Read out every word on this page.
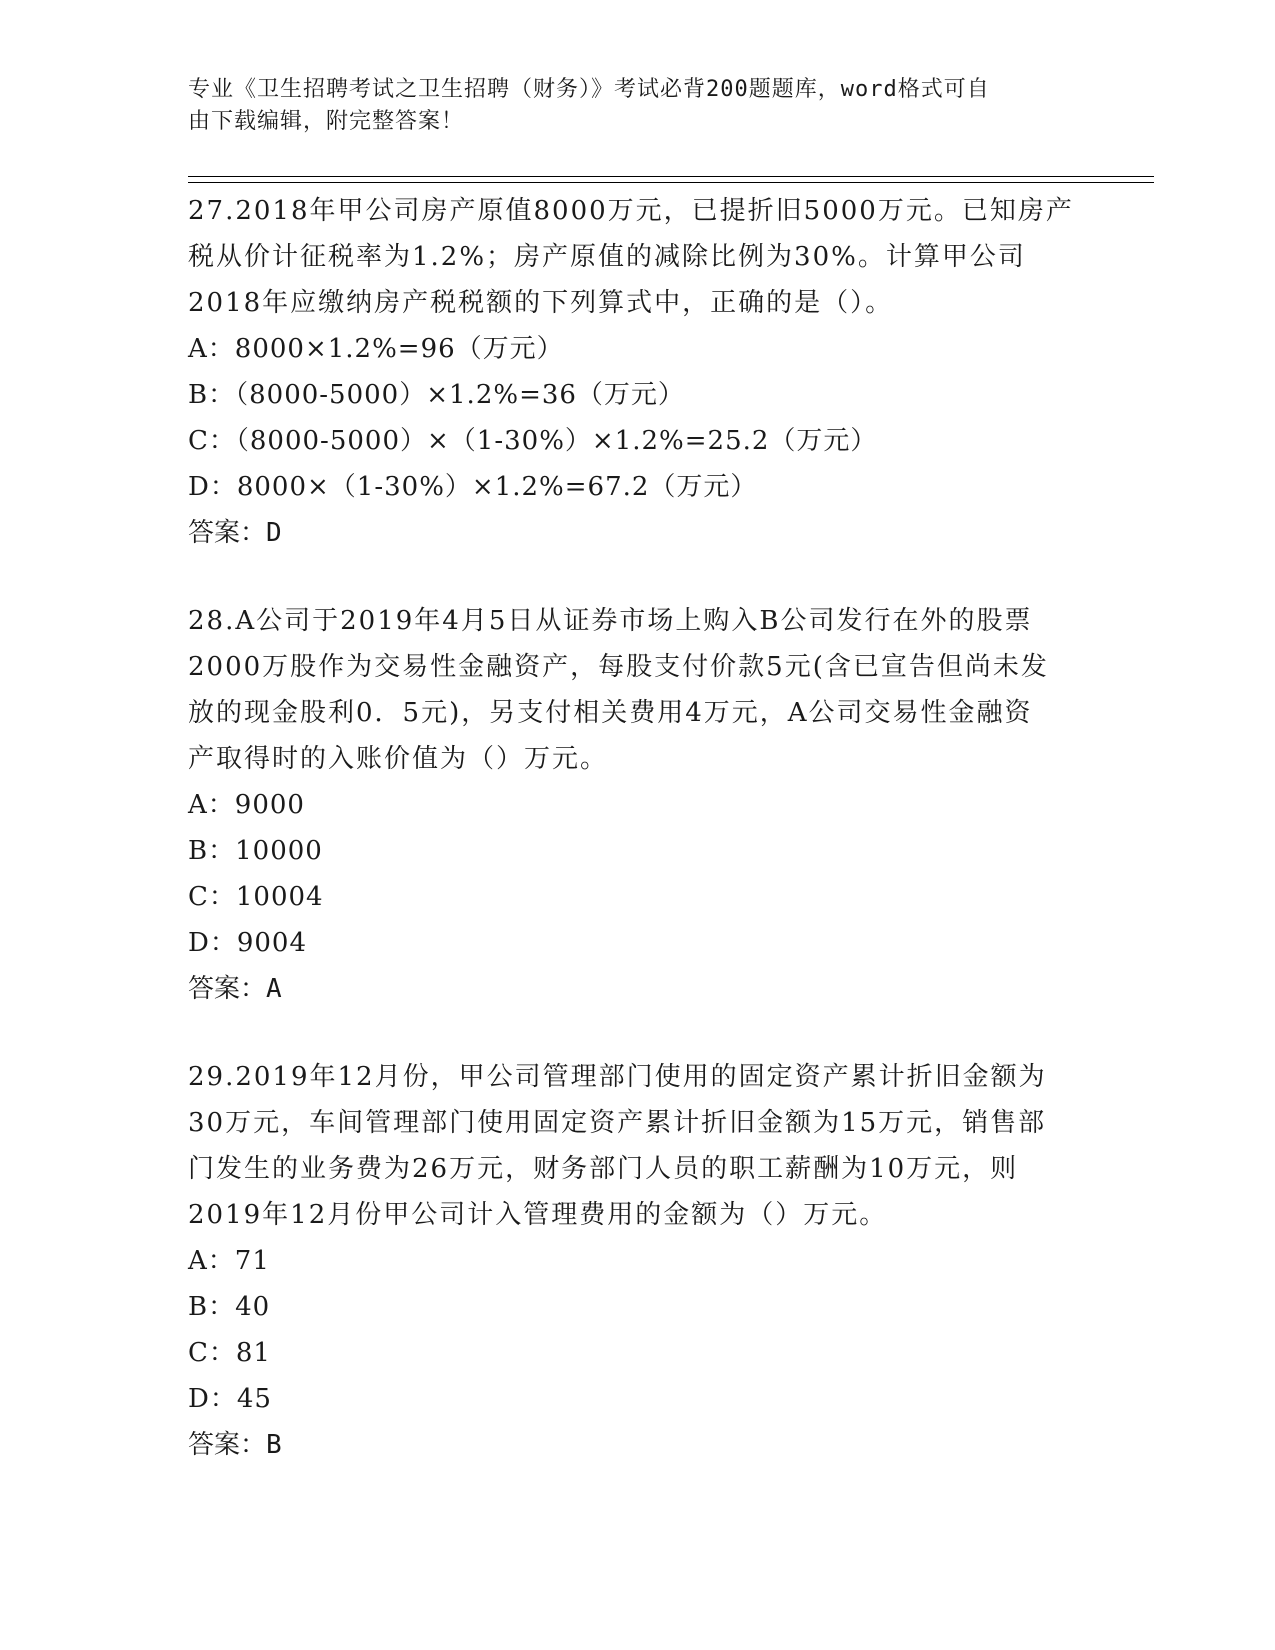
专业《卫生招聘考试之卫生招聘（财务）》考试必背200题题库，word格式可自
由下载编辑，附完整答案！
27.2018年甲公司房产原值8000万元，已提折旧5000万元。已知房产
税从价计征税率为1.2%；房产原值的减除比例为30%。计算甲公司
2018年应缴纳房产税税额的下列算式中，正确的是（）。
A：8000×1.2%=96（万元）
B：（8000-5000）×1.2%=36（万元）
C：（8000-5000）×（1-30%）×1.2%=25.2（万元）
D：8000×（1-30%）×1.2%=67.2（万元）
答案：D
28.A公司于2019年4月5日从证券市场上购入B公司发行在外的股票
2000万股作为交易性金融资产，每股支付价款5元(含已宣告但尚未发
放的现金股利0．5元)，另支付相关费用4万元，A公司交易性金融资
产取得时的入账价值为（）万元。
A：9000
B：10000
C：10004
D：9004
答案：A
29.2019年12月份，甲公司管理部门使用的固定资产累计折旧金额为
30万元，车间管理部门使用固定资产累计折旧金额为15万元，销售部
门发生的业务费为26万元，财务部门人员的职工薪酬为10万元，则
2019年12月份甲公司计入管理费用的金额为（）万元。
A：71
B：40
C：81
D：45
答案：B
